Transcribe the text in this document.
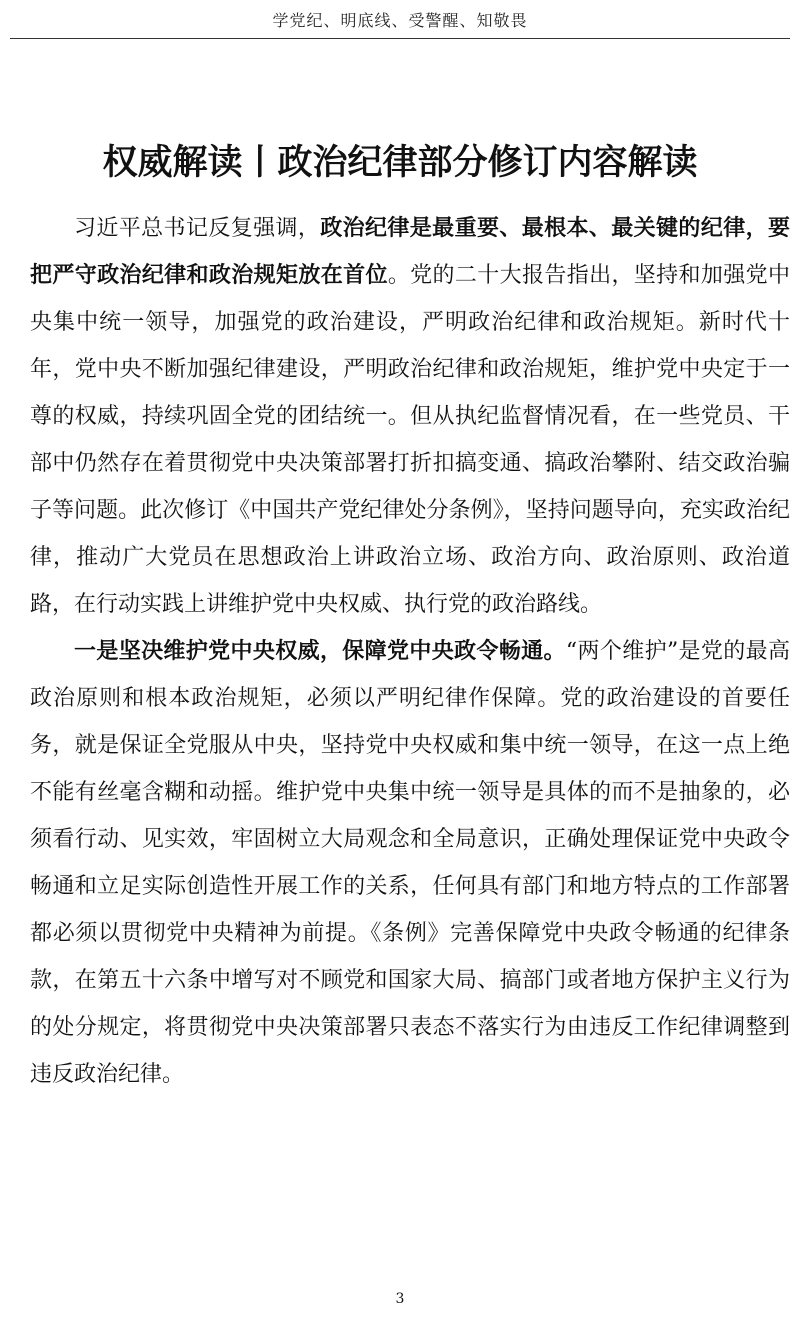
学党纪、明底线、受警醒、知敬畏
权威解读丨政治纪律部分修订内容解读

习近平总书记反复强调，政治纪律是最重要、最根本、最关键的纪律，要把严守政治纪律和政治规矩放在首位。党的二十大报告指出，坚持和加强党中央集中统一领导，加强党的政治建设，严明政治纪律和政治规矩。新时代十年，党中央不断加强纪律建设，严明政治纪律和政治规矩，维护党中央定于一尊的权威，持续巩固全党的团结统一。但从执纪监督情况看，在一些党员、干部中仍然存在着贯彻党中央决策部署打折扣搞变通、搞政治攀附、结交政治骗子等问题。此次修订《中国共产党纪律处分条例》，坚持问题导向，充实政治纪律，推动广大党员在思想政治上讲政治立场、政治方向、政治原则、政治道路，在行动实践上讲维护党中央权威、执行党的政治路线。

一是坚决维护党中央权威，保障党中央政令畅通。“两个维护”是党的最高政治原则和根本政治规矩，必须以严明纪律作保障。党的政治建设的首要任务，就是保证全党服从中央，坚持党中央权威和集中统一领导，在这一点上绝不能有丝毫含糊和动摇。维护党中央集中统一领导是具体的而不是抽象的，必须看行动、见实效，牢固树立大局观念和全局意识，正确处理保证党中央政令畅通和立足实际创造性开展工作的关系，任何具有部门和地方特点的工作部署都必须以贯彻党中央精神为前提。《条例》完善保障党中央政令畅通的纪律条款，在第五十六条中增写对不顾党和国家大局、搞部门或者地方保护主义行为的处分规定，将贯彻党中央决策部署只表态不落实行为由违反工作纪律调整到违反政治纪律。

3
